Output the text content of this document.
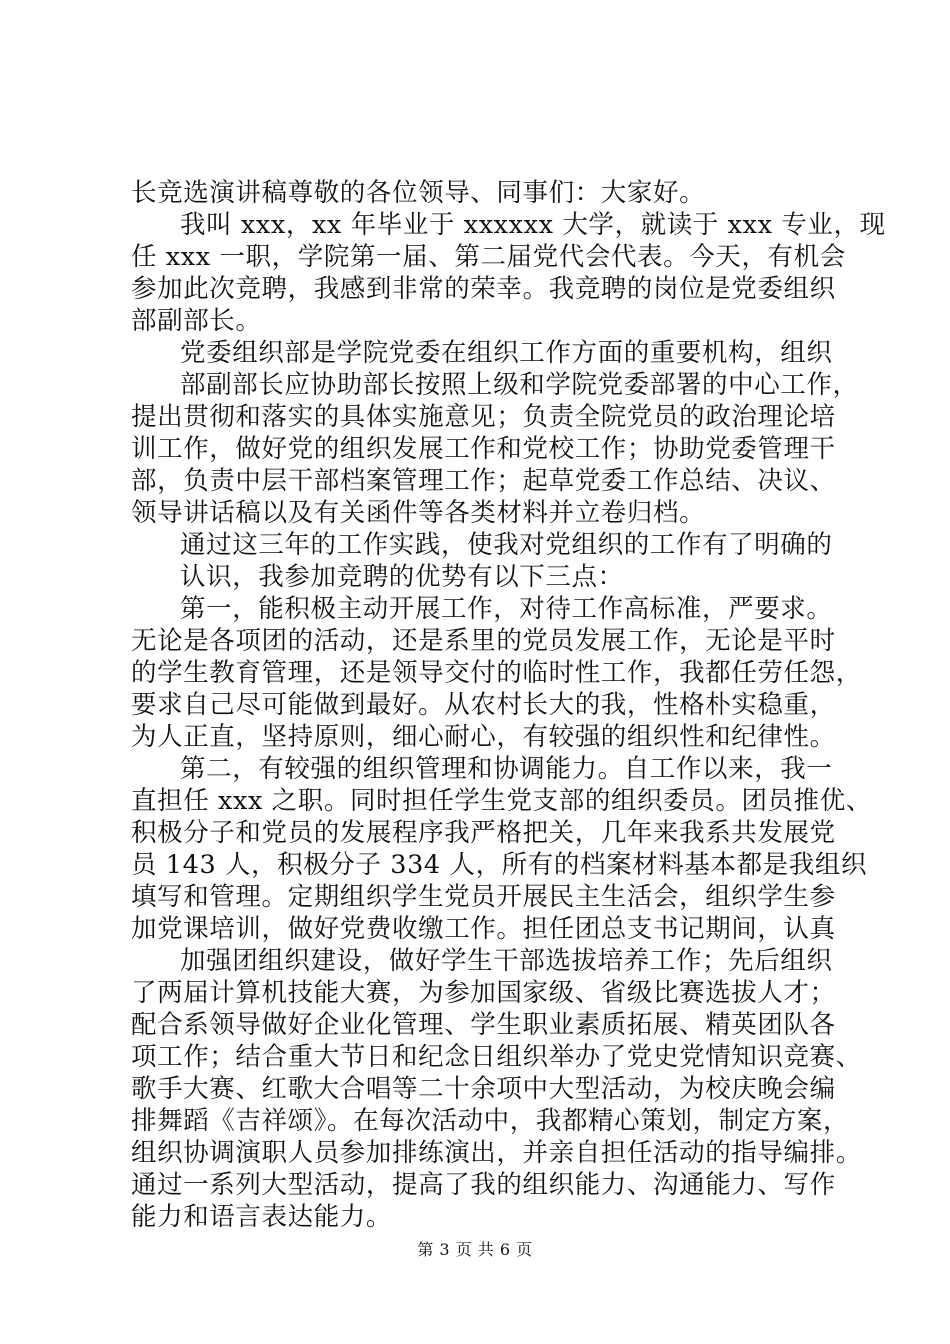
长竞选演讲稿尊敬的各位领导、同事们：大家好。
我叫 xxx，xx 年毕业于 xxxxxx 大学，就读于 xxx 专业，现
任 xxx 一职，学院第一届、第二届党代会代表。今天，有机会
参加此次竞聘，我感到非常的荣幸。我竞聘的岗位是党委组织
部副部长。
党委组织部是学院党委在组织工作方面的重要机构，组织
部副部长应协助部长按照上级和学院党委部署的中心工作，
提出贯彻和落实的具体实施意见；负责全院党员的政治理论培
训工作，做好党的组织发展工作和党校工作；协助党委管理干
部，负责中层干部档案管理工作；起草党委工作总结、决议、
领导讲话稿以及有关函件等各类材料并立卷归档。
通过这三年的工作实践，使我对党组织的工作有了明确的
认识，我参加竞聘的优势有以下三点：
第一，能积极主动开展工作，对待工作高标准，严要求。
无论是各项团的活动，还是系里的党员发展工作，无论是平时
的学生教育管理，还是领导交付的临时性工作，我都任劳任怨，
要求自己尽可能做到最好。从农村长大的我，性格朴实稳重，
为人正直，坚持原则，细心耐心，有较强的组织性和纪律性。
第二，有较强的组织管理和协调能力。自工作以来，我一
直担任 xxx 之职。同时担任学生党支部的组织委员。团员推优、
积极分子和党员的发展程序我严格把关，几年来我系共发展党
员 143 人，积极分子 334 人，所有的档案材料基本都是我组织
填写和管理。定期组织学生党员开展民主生活会，组织学生参
加党课培训，做好党费收缴工作。担任团总支书记期间，认真
加强团组织建设，做好学生干部选拔培养工作；先后组织
了两届计算机技能大赛，为参加国家级、省级比赛选拔人才；
配合系领导做好企业化管理、学生职业素质拓展、精英团队各
项工作；结合重大节日和纪念日组织举办了党史党情知识竞赛、
歌手大赛、红歌大合唱等二十余项中大型活动，为校庆晚会编
排舞蹈《吉祥颂》。在每次活动中，我都精心策划，制定方案，
组织协调演职人员参加排练演出，并亲自担任活动的指导编排。
通过一系列大型活动，提高了我的组织能力、沟通能力、写作
能力和语言表达能力。
第 3 页 共 6 页
